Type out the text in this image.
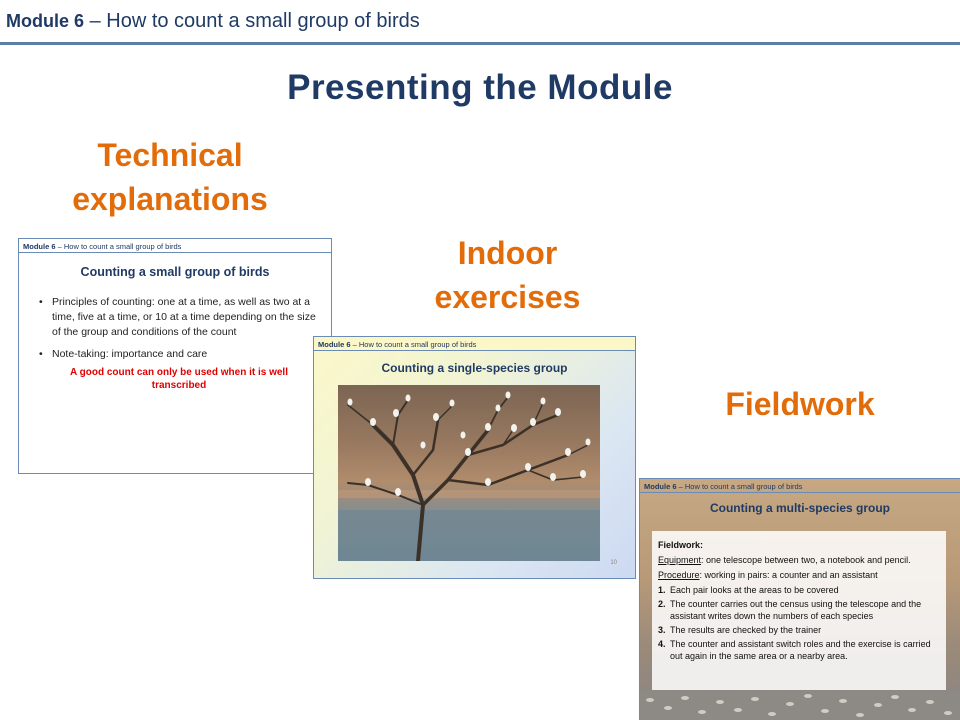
Module 6 – How to count a small group of birds
Presenting the Module
Technical explanations
Indoor exercises
Fieldwork
Module 6 – How to count a small group of birds
Counting a small group of birds
• Principles of counting: one at a time, as well as two at a time, five at a time, or 10 at a time depending on the size of the group and conditions of the count
• Note-taking: importance and care
A good count can only be used when it is well transcribed
Module 6 – How to count a small group of birds
Counting a single-species group
10
Module 6 – How to count a small group of birds
Counting a multi-species group
Fieldwork:

Equipment: one telescope between two, a notebook and pencil.

Procedure: working in pairs: a counter and an assistant

1. Each pair looks at the areas to be covered
2. The counter carries out the census using the telescope and the assistant writes down the numbers of each species
3. The results are checked by the trainer
4. The counter and assistant switch roles and the exercise is carried out again in the same area or a nearby area.
